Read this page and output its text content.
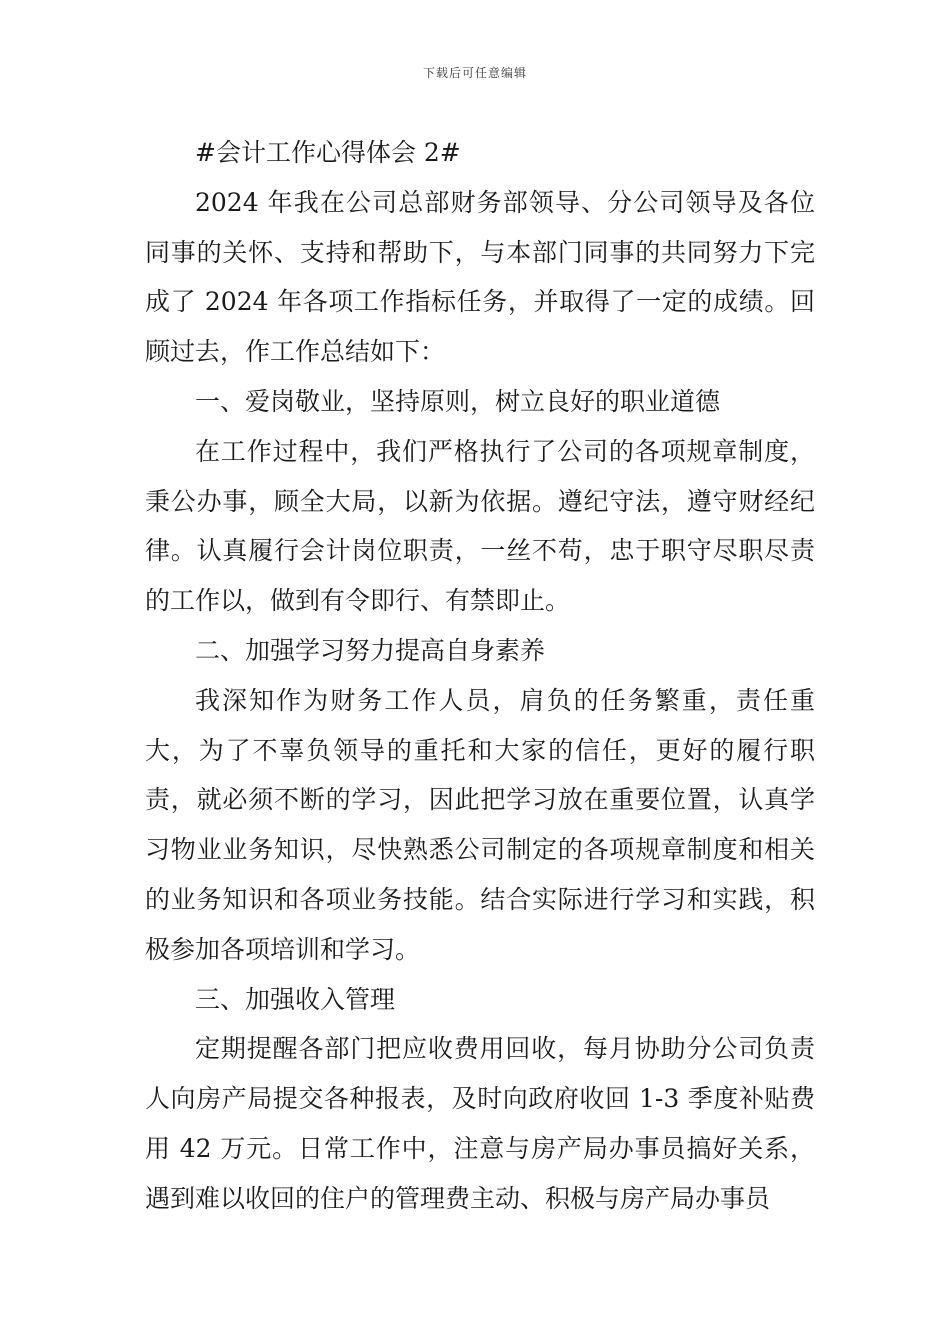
下载后可任意编辑

#会计工作心得体会 2#

2024 年我在公司总部财务部领导、分公司领导及各位同事的关怀、支持和帮助下，与本部门同事的共同努力下完成了 2024 年各项工作指标任务，并取得了一定的成绩。回顾过去，作工作总结如下：

一、爱岗敬业，坚持原则，树立良好的职业道德

在工作过程中，我们严格执行了公司的各项规章制度，秉公办事，顾全大局，以新为依据。遵纪守法，遵守财经纪律。认真履行会计岗位职责，一丝不苟，忠于职守尽职尽责的工作以，做到有令即行、有禁即止。

二、加强学习努力提高自身素养

我深知作为财务工作人员，肩负的任务繁重，责任重大，为了不辜负领导的重托和大家的信任，更好的履行职责，就必须不断的学习，因此把学习放在重要位置，认真学习物业业务知识，尽快熟悉公司制定的各项规章制度和相关的业务知识和各项业务技能。结合实际进行学习和实践，积极参加各项培训和学习。

三、加强收入管理

定期提醒各部门把应收费用回收，每月协助分公司负责人向房产局提交各种报表，及时向政府收回 1-3 季度补贴费用 42 万元。日常工作中，注意与房产局办事员搞好关系，遇到难以收回的住户的管理费主动、积极与房产局办事员
